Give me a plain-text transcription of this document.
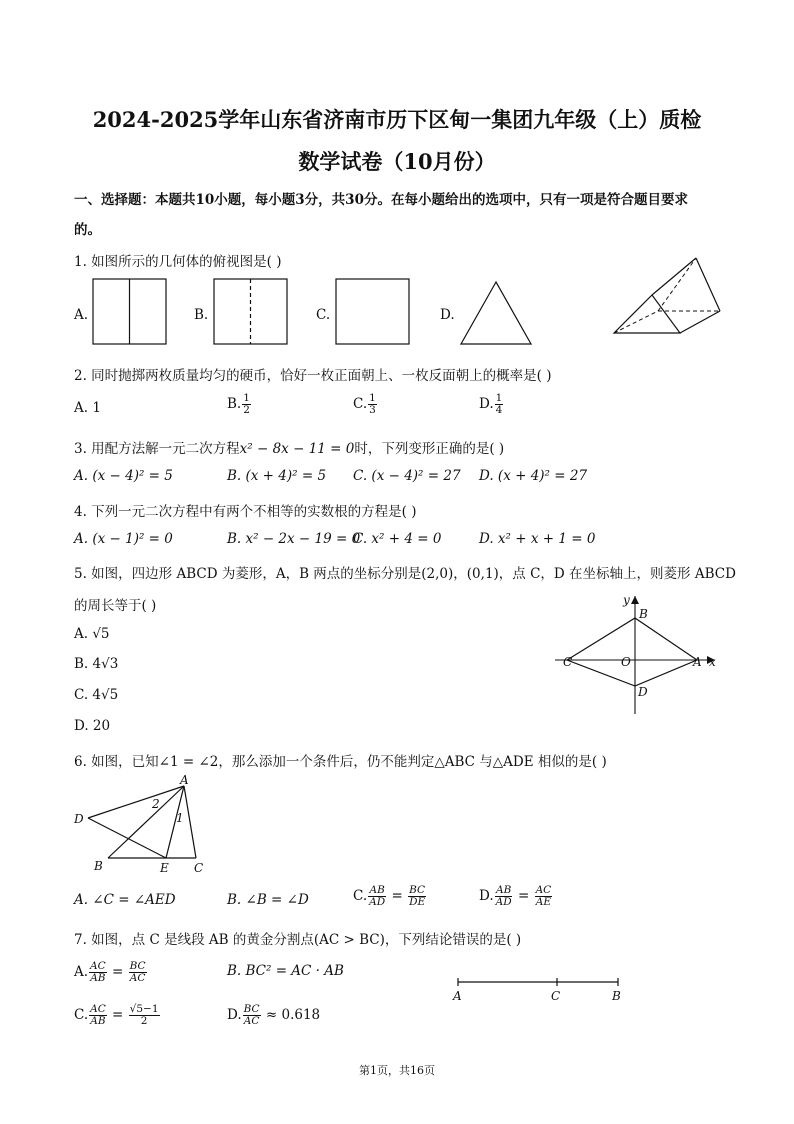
2024-2025学年山东省济南市历下区甸一集团九年级（上）质检
数学试卷（10月份）
一、选择题：本题共10小题，每小题3分，共30分。在每小题给出的选项中，只有一项是符合题目要求
的。
1. 如图所示的几何体的俯视图是( )
A.	B.	C.	D.
2. 同时抛掷两枚质量均匀的硬币，恰好一枚正面朝上、一枚反面朝上的概率是( )
A. 1	B. $\frac{1}{2}$	C. $\frac{1}{3}$	D. $\frac{1}{4}$
3. 用配方法解一元二次方程x² − 8x − 11 = 0时，下列变形正确的是( )
A. (x − 4)² = 5	B. (x + 4)² = 5 C. (x − 4)² = 27 D. (x + 4)² = 27
4. 下列一元二次方程中有两个不相等的实数根的方程是( )
A. (x − 1)² = 0	B. x² − 2x − 19 = 0
C. x² + 4 = 0	D. x² + x + 1 = 0
5. 如图，四边形 ABCD 为菱形，A，B 两点的坐标分别是(2,0)，(0,1)，点 C，D 在坐标轴上，则菱形 ABCD
的周长等于( )
A. √5
B. 4√3
C. 4√5
D. 20
y
B
C	O	A x
D
6. 如图，已知∠1 = ∠2，那么添加一个条件后，仍不能判定△ABC 与△ADE 相似的是( )
A
D
B	E C
2
1
A. ∠C = ∠AED	B. ∠B = ∠D	C. $\frac{AB}{AD} = \frac{BC}{DE}$	D. $\frac{AB}{AD} = \frac{AC}{AE}$
7. 如图，点 C 是线段 AB 的黄金分割点(AC > BC)，下列结论错误的是( )
A. $\frac{AC}{AB} = \frac{BC}{AC}$	B. BC² = AC · AB
C. $\frac{AC}{AB} = \frac{√5-1}{2}$	D. $\frac{BC}{AC} \approx 0.618$
A	C	B
第1页，共16页
